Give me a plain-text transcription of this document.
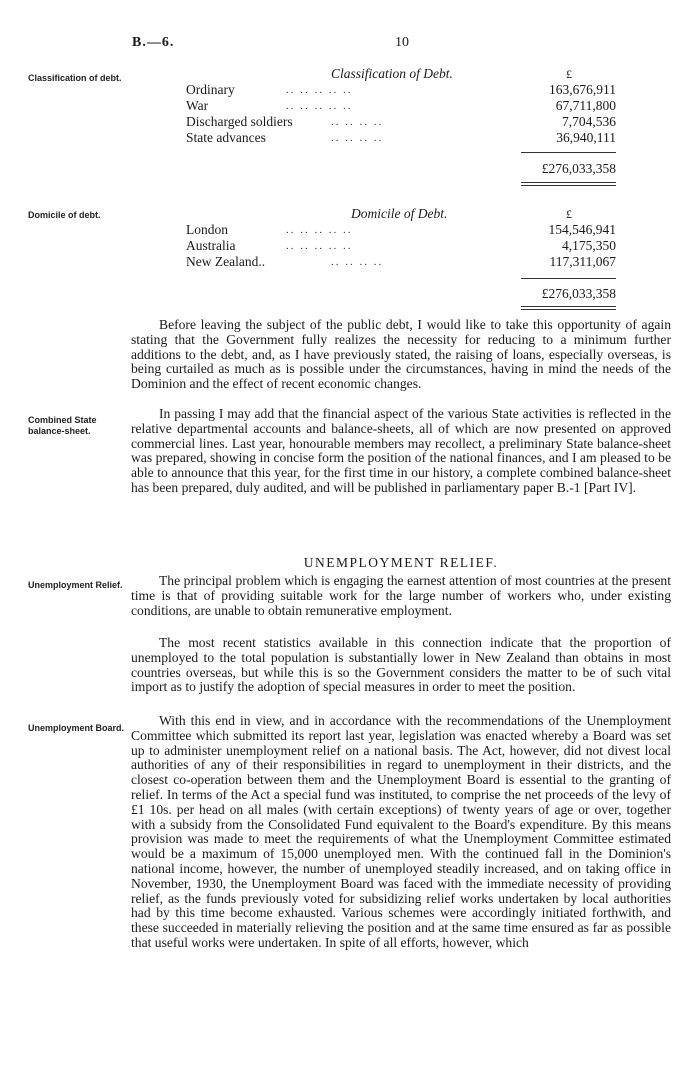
B.—6.	10
Classification of debt.
Domicile of debt.
Combined State balance-sheet.
Unemployment Relief.
Unemployment Board.
Classification of Debt.	£
Ordinary	.. .. .. .. ..	163,676,911
War	.. .. .. .. ..	67,711,800
Discharged soldiers	.. .. .. ..	7,704,536
State advances	.. .. .. ..	36,940,111
£276,033,358
Domicile of Debt.	£
London	.. .. .. .. ..	154,546,941
Australia	.. .. .. .. ..	4,175,350
New Zealand..	.. .. .. ..	117,311,067
£276,033,358
Before leaving the subject of the public debt, I would like to take this opportunity of again stating that the Government fully realizes the necessity for reducing to a minimum further additions to the debt, and, as I have previously stated, the raising of loans, especially overseas, is being curtailed as much as is possible under the circumstances, having in mind the needs of the Dominion and the effect of recent economic changes.
In passing I may add that the financial aspect of the various State activities is reflected in the relative departmental accounts and balance-sheets, all of which are now presented on approved commercial lines. Last year, honourable members may recollect, a preliminary State balance-sheet was prepared, showing in concise form the position of the national finances, and I am pleased to be able to announce that this year, for the first time in our history, a complete combined balance-sheet has been prepared, duly audited, and will be published in parliamentary paper B.-1 [Part IV].
UNEMPLOYMENT RELIEF.
The principal problem which is engaging the earnest attention of most countries at the present time is that of providing suitable work for the large number of workers who, under existing conditions, are unable to obtain remunerative employment.
The most recent statistics available in this connection indicate that the proportion of unemployed to the total population is substantially lower in New Zealand than obtains in most countries overseas, but while this is so the Government considers the matter to be of such vital import as to justify the adoption of special measures in order to meet the position.
With this end in view, and in accordance with the recommendations of the Unemployment Committee which submitted its report last year, legislation was enacted whereby a Board was set up to administer unemployment relief on a national basis. The Act, however, did not divest local authorities of any of their responsibilities in regard to unemployment in their districts, and the closest co-operation between them and the Unemployment Board is essential to the granting of relief. In terms of the Act a special fund was instituted, to comprise the net proceeds of the levy of £1 10s. per head on all males (with certain exceptions) of twenty years of age or over, together with a subsidy from the Consolidated Fund equivalent to the Board's expenditure. By this means provision was made to meet the requirements of what the Unemployment Committee estimated would be a maximum of 15,000 unemployed men. With the continued fall in the Dominion's national income, however, the number of unemployed steadily increased, and on taking office in November, 1930, the Unemployment Board was faced with the immediate necessity of providing relief, as the funds previously voted for subsidizing relief works undertaken by local authorities had by this time become exhausted. Various schemes were accordingly initiated forthwith, and these succeeded in materially relieving the position and at the same time ensured as far as possible that useful works were undertaken. In spite of all efforts, however, which
